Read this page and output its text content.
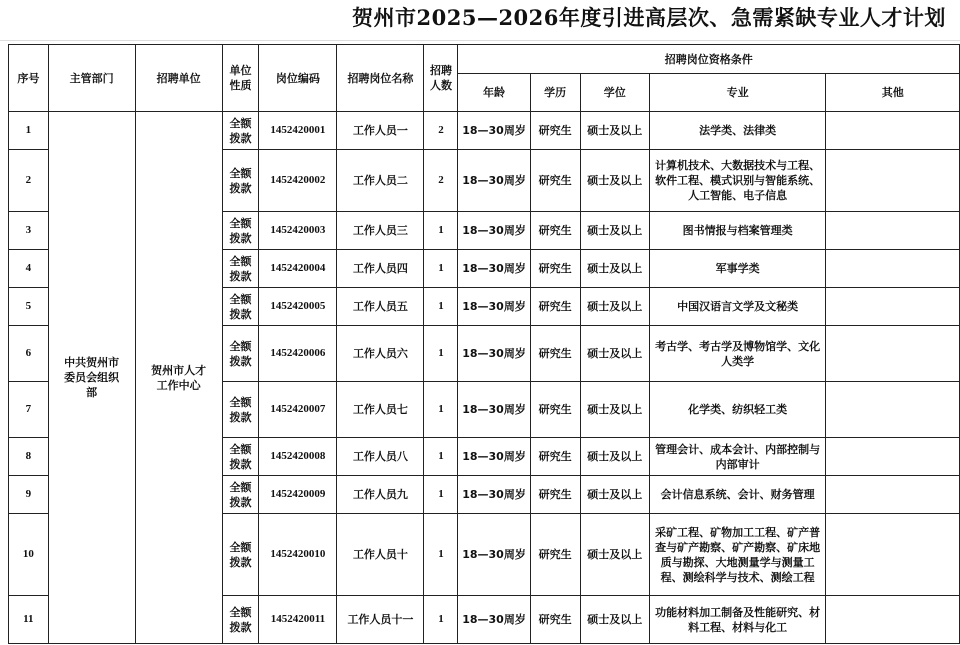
贺州市2025—2026年度引进高层次、急需紧缺专业人才计划
序号	主管部门	招聘单位	单位性质	岗位编码	招聘岗位名称	招聘人数	招聘岗位资格条件				
							年龄	学历	学位	专业	其他
1	中共贺州市委员会组织部	贺州市人才工作中心	全额拨款	1452420001	工作人员一	2	18—30周岁	研究生	硕士及以上	法学类、法律类	
2			全额拨款	1452420002	工作人员二	2	18—30周岁	研究生	硕士及以上	计算机技术、大数据技术与工程、软件工程、模式识别与智能系统、人工智能、电子信息	
3			全额拨款	1452420003	工作人员三	1	18—30周岁	研究生	硕士及以上	图书情报与档案管理类	
4			全额拨款	1452420004	工作人员四	1	18—30周岁	研究生	硕士及以上	军事学类	
5			全额拨款	1452420005	工作人员五	1	18—30周岁	研究生	硕士及以上	中国汉语言文学及文秘类	
6			全额拨款	1452420006	工作人员六	1	18—30周岁	研究生	硕士及以上	考古学、考古学及博物馆学、文化人类学	
7			全额拨款	1452420007	工作人员七	1	18—30周岁	研究生	硕士及以上	化学类、纺织轻工类	
8			全额拨款	1452420008	工作人员八	1	18—30周岁	研究生	硕士及以上	管理会计、成本会计、内部控制与内部审计	
9			全额拨款	1452420009	工作人员九	1	18—30周岁	研究生	硕士及以上	会计信息系统、会计、财务管理	
10			全额拨款	1452420010	工作人员十	1	18—30周岁	研究生	硕士及以上	采矿工程、矿物加工工程、矿产普查与矿产勘察、矿产勘察、矿床地质与勘探、大地测量学与测量工程、测绘科学与技术、测绘工程	
11			全额拨款	1452420011	工作人员十一	1	18—30周岁	研究生	硕士及以上	功能材料加工制备及性能研究、材料工程、材料与化工	
